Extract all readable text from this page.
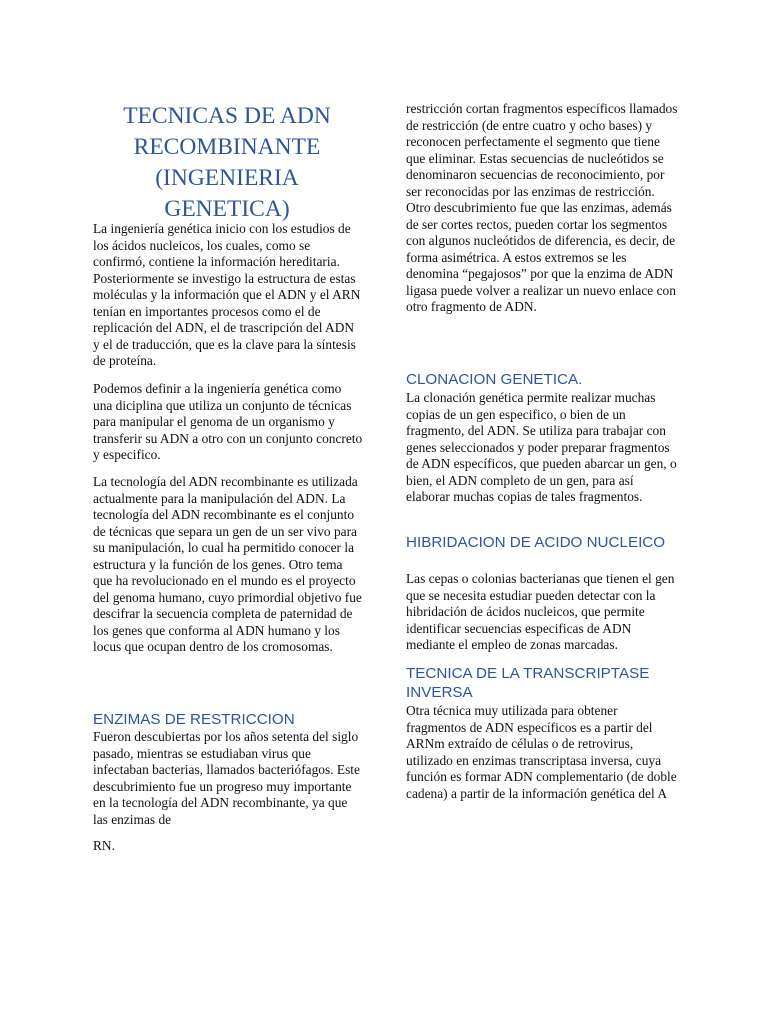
TECNICAS DE ADN RECOMBINANTE (INGENIERIA GENETICA)

La ingeniería genética inicio con los estudios de los ácidos nucleicos, los cuales, como se confirmó, contiene la información hereditaria. Posteriormente se investigo la estructura de estas moléculas y la información que el ADN y el ARN tenían en importantes procesos como el de replicación del ADN, el de trascripción del ADN y el de traducción, que es la clave para la síntesis de proteína.

Podemos definir a la ingeniería genética como una diciplina que utiliza un conjunto de técnicas para manipular el genoma de un organismo y transferir su ADN a otro con un conjunto concreto y especifico.

La tecnología del ADN recombinante es utilizada actualmente para la manipulación del ADN. La tecnología del ADN recombinante es el conjunto de técnicas que separa un gen de un ser vivo para su manipulación, lo cual ha permitido conocer la estructura y la función de los genes. Otro tema que ha revolucionado en el mundo es el proyecto del genoma humano, cuyo primordial objetivo fue descifrar la secuencia completa de paternidad de los genes que conforma al ADN humano y los locus que ocupan dentro de los cromosomas.

ENZIMAS DE RESTRICCION

Fueron descubiertas por los años setenta del siglo pasado, mientras se estudiaban virus que infectaban bacterias, llamados bacteriófagos. Este descubrimiento fue un progreso muy importante en la tecnología del ADN recombinante, ya que las enzimas de

RN.

restricción cortan fragmentos específicos llamados de restricción (de entre cuatro y ocho bases) y reconocen perfectamente el segmento que tiene que eliminar. Estas secuencias de nucleótidos se denominaron secuencias de reconocimiento, por ser reconocidas por las enzimas de restricción. Otro descubrimiento fue que las enzimas, además de ser cortes rectos, pueden cortar los segmentos con algunos nucleótidos de diferencia, es decir, de forma asimétrica. A estos extremos se les denomina “pegajosos” por que la enzima de ADN ligasa puede volver a realizar un nuevo enlace con otro fragmento de ADN.

CLONACION GENETICA.

La clonación genética permite realizar muchas copias de un gen especifico, o bien de un fragmento, del ADN. Se utiliza para trabajar con genes seleccionados y poder preparar fragmentos de ADN específicos, que pueden abarcar un gen, o bien, el ADN completo de un gen, para así elaborar muchas copias de tales fragmentos.

HIBRIDACION DE ACIDO NUCLEICO

Las cepas o colonias bacterianas que tienen el gen que se necesita estudiar pueden detectar con la hibridación de ácidos nucleicos, que permite identificar secuencias especificas de ADN mediante el empleo de zonas marcadas.

TECNICA DE LA TRANSCRIPTASE INVERSA

Otra técnica muy utilizada para obtener fragmentos de ADN específicos es a partir del ARNm extraído de células o de retrovirus, utilizado en enzimas transcriptasa inversa, cuya función es formar ADN complementario (de doble cadena) a partir de la información genética del A
